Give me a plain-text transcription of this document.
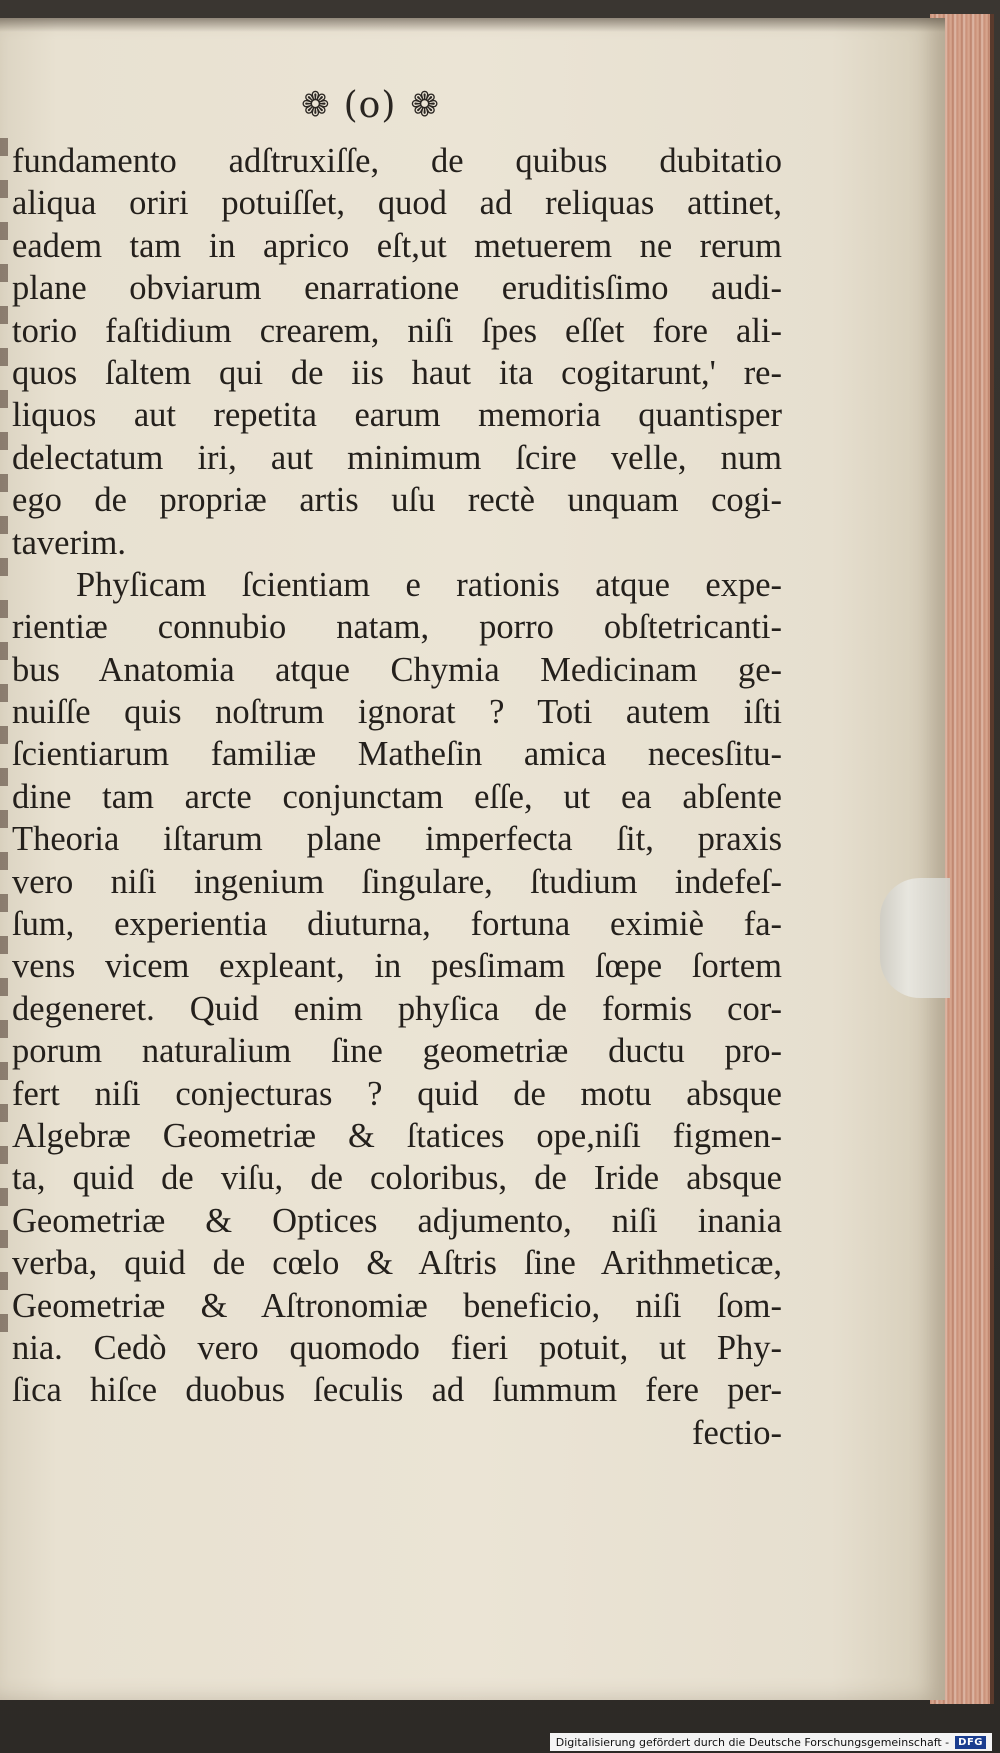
❁ (o) ❁
fundamento adſtruxiſſe, de quibus dubitatio
aliqua oriri potuiſſet, quod ad reliquas attinet,
eadem tam in aprico eſt,ut metuerem ne rerum
plane obviarum enarratione eruditisſimo audi-
torio faſtidium crearem, niſi ſpes eſſet fore ali-
quos ſaltem qui de iis haut ita cogitarunt,' re-
liquos aut repetita earum memoria quantisper
delectatum iri, aut minimum ſcire velle, num
ego de propriæ artis uſu rectè unquam cogi-
taverim.
Phyſicam ſcientiam e rationis atque expe-
rientiæ connubio natam, porro obſtetricanti-
bus Anatomia atque Chymia Medicinam ge-
nuiſſe quis noſtrum ignorat ? Toti autem iſti
ſcientiarum familiæ Matheſin amica necesſitu-
dine tam arcte conjunctam eſſe, ut ea abſente
Theoria iſtarum plane imperfecta ſit, praxis
vero niſi ingenium ſingulare, ſtudium indefeſ-
ſum, experientia diuturna, fortuna eximiè fa-
vens vicem expleant, in pesſimam ſœpe ſortem
degeneret. Quid enim phyſica de formis cor-
porum naturalium ſine geometriæ ductu pro-
fert niſi conjecturas ? quid de motu absque
Algebræ Geometriæ & ſtatices ope,niſi figmen-
ta, quid de viſu, de coloribus, de Iride absque
Geometriæ & Optices adjumento, niſi inania
verba, quid de cœlo & Aſtris ſine Arithmeticæ,
Geometriæ & Aſtronomiæ beneficio, niſi ſom-
nia. Cedò vero quomodo fieri potuit, ut Phy-
ſica hiſce duobus ſeculis ad ſummum fere per-
fectio-
Digitalisierung gefördert durch die Deutsche Forschungsgemeinschaft - DFG
